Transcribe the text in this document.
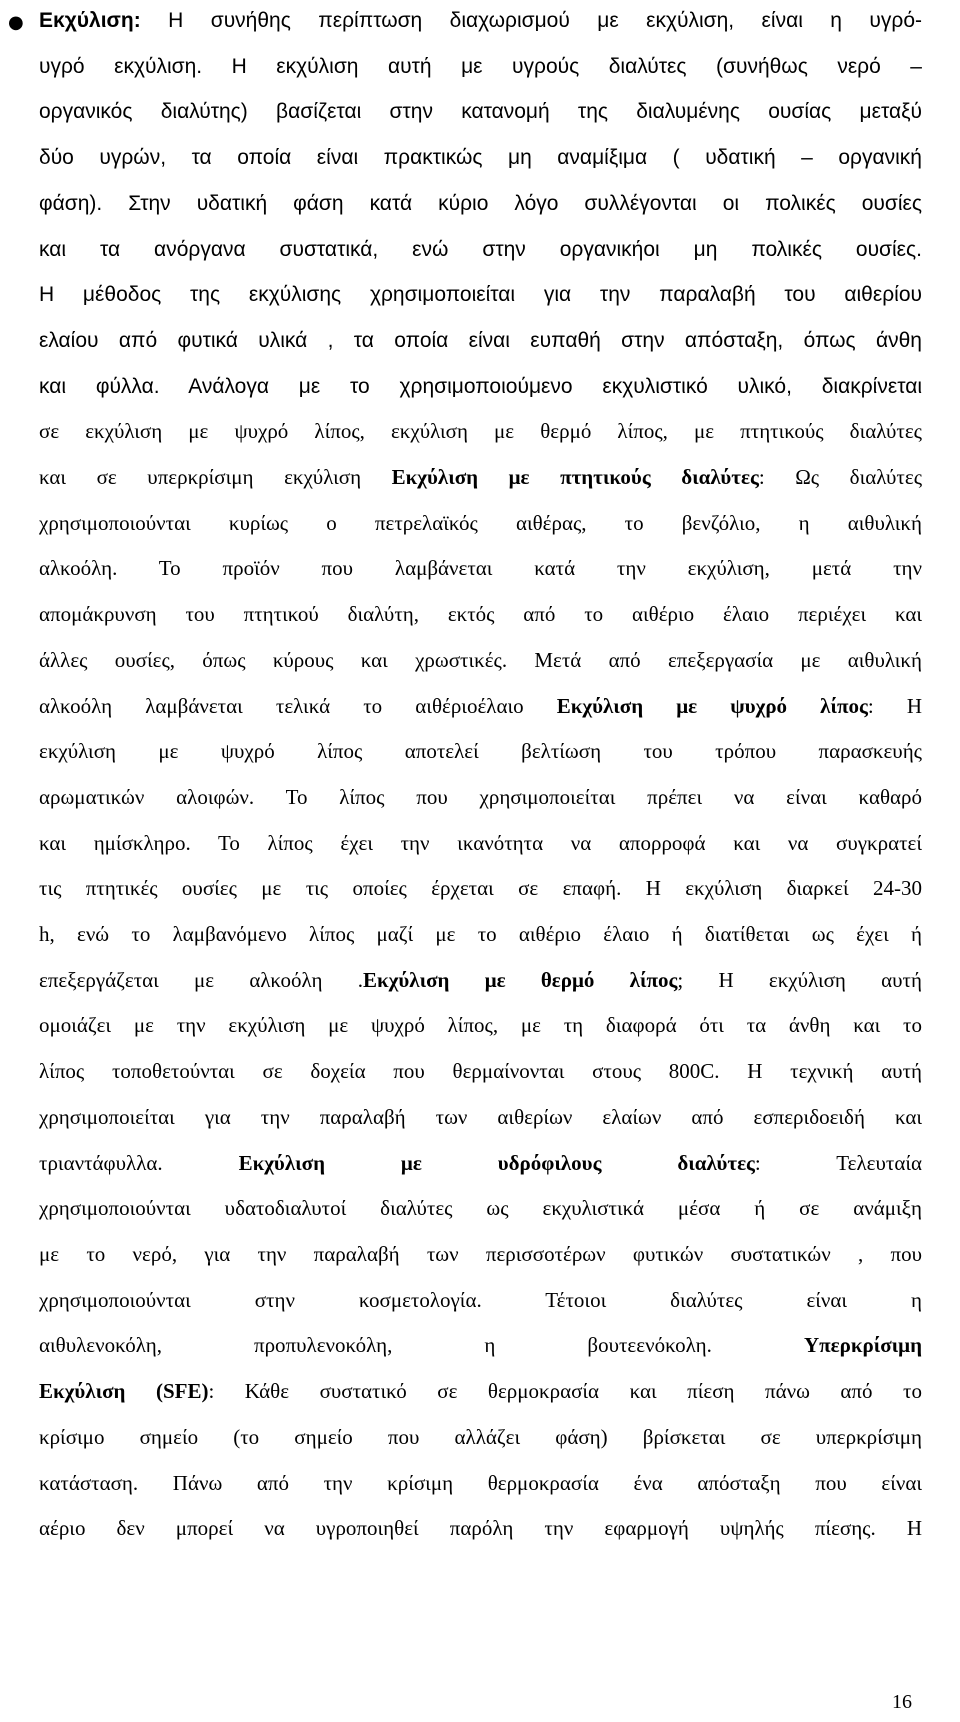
● Εκχύλιση: Η συνήθης περίπτωση διαχωρισμού με εκχύλιση, είναι η υγρό-
υγρό εκχύλιση. Η εκχύλιση αυτή με υγρούς διαλύτες (συνήθως νερό –
οργανικός διαλύτης) βασίζεται στην κατανομή της διαλυμένης ουσίας μεταξύ
δύο υγρών, τα οποία είναι πρακτικώς μη αναμίξιμα ( υδατική – οργανική
φάση). Στην υδατική φάση κατά κύριο λόγο συλλέγονται οι πολικές ουσίες
και τα ανόργανα συστατικά, ενώ στην οργανικήοι μη πολικές ουσίες.
Η μέθοδος της εκχύλισης χρησιμοποιείται για την παραλαβή του αιθερίου
ελαίου από φυτικά υλικά , τα οποία είναι ευπαθή στην απόσταξη, όπως άνθη
και φύλλα. Ανάλογα με το χρησιμοποιούμενο εκχυλιστικό υλικό, διακρίνεται
σε εκχύλιση με ψυχρό λίπος, εκχύλιση με θερμό λίπος, με πτητικούς διαλύτες
και σε υπερκρίσιμη εκχύλιση Εκχύλιση με πτητικούς διαλύτες: Ως διαλύτες
χρησιμοποιούνται κυρίως ο πετρελαϊκός αιθέρας, το βενζόλιο, η αιθυλική
αλκοόλη. Το προϊόν που λαμβάνεται κατά την εκχύλιση, μετά την
απομάκρυνση του πτητικού διαλύτη, εκτός από το αιθέριο έλαιο περιέχει και
άλλες ουσίες, όπως κύρους και χρωστικές. Μετά από επεξεργασία με αιθυλική
αλκοόλη λαμβάνεται τελικά το αιθέριοέλαιο Εκχύλιση με ψυχρό λίπος: Η
εκχύλιση με ψυχρό λίπος αποτελεί βελτίωση του τρόπου παρασκευής
αρωματικών αλοιφών. Το λίπος που χρησιμοποιείται πρέπει να είναι καθαρό
και ημίσκληρο. Το λίπος έχει την ικανότητα να απορροφά και να συγκρατεί
τις πτητικές ουσίες με τις οποίες έρχεται σε επαφή. Η εκχύλιση διαρκεί 24-30
h, ενώ το λαμβανόμενο λίπος μαζί με το αιθέριο έλαιο ή διατίθεται ως έχει ή
επεξεργάζεται με αλκοόλη .Εκχύλιση με θερμό λίπος; Η εκχύλιση αυτή
ομοιάζει με την εκχύλιση με ψυχρό λίπος, με τη διαφορά ότι τα άνθη και το
λίπος τοποθετούνται σε δοχεία που θερμαίνονται στους 800C. Η τεχνική αυτή
χρησιμοποιείται για την παραλαβή των αιθερίων ελαίων από εσπεριδοειδή και
τριαντάφυλλα. Εκχύλιση με υδρόφιλους διαλύτες: Τελευταία
χρησιμοποιούνται υδατοδιαλυτοί διαλύτες ως εκχυλιστικά μέσα ή σε ανάμιξη
με το νερό, για την παραλαβή των περισσοτέρων φυτικών συστατικών , που
χρησιμοποιούνται στην κοσμετολογία. Τέτοιοι διαλύτες είναι η
αιθυλενοκόλη, προπυλενοκόλη, η βουτεενόκολη. Υπερκρίσιμη
Εκχύλιση (SFE): Κάθε συστατικό σε θερμοκρασία και πίεση πάνω από το
κρίσιμο σημείο (το σημείο που αλλάζει φάση) βρίσκεται σε υπερκρίσιμη
κατάσταση. Πάνω από την κρίσιμη θερμοκρασία ένα απόσταξη που είναι
αέριο δεν μπορεί να υγροποιηθεί παρόλη την εφαρμογή υψηλής πίεσης. Η
16
